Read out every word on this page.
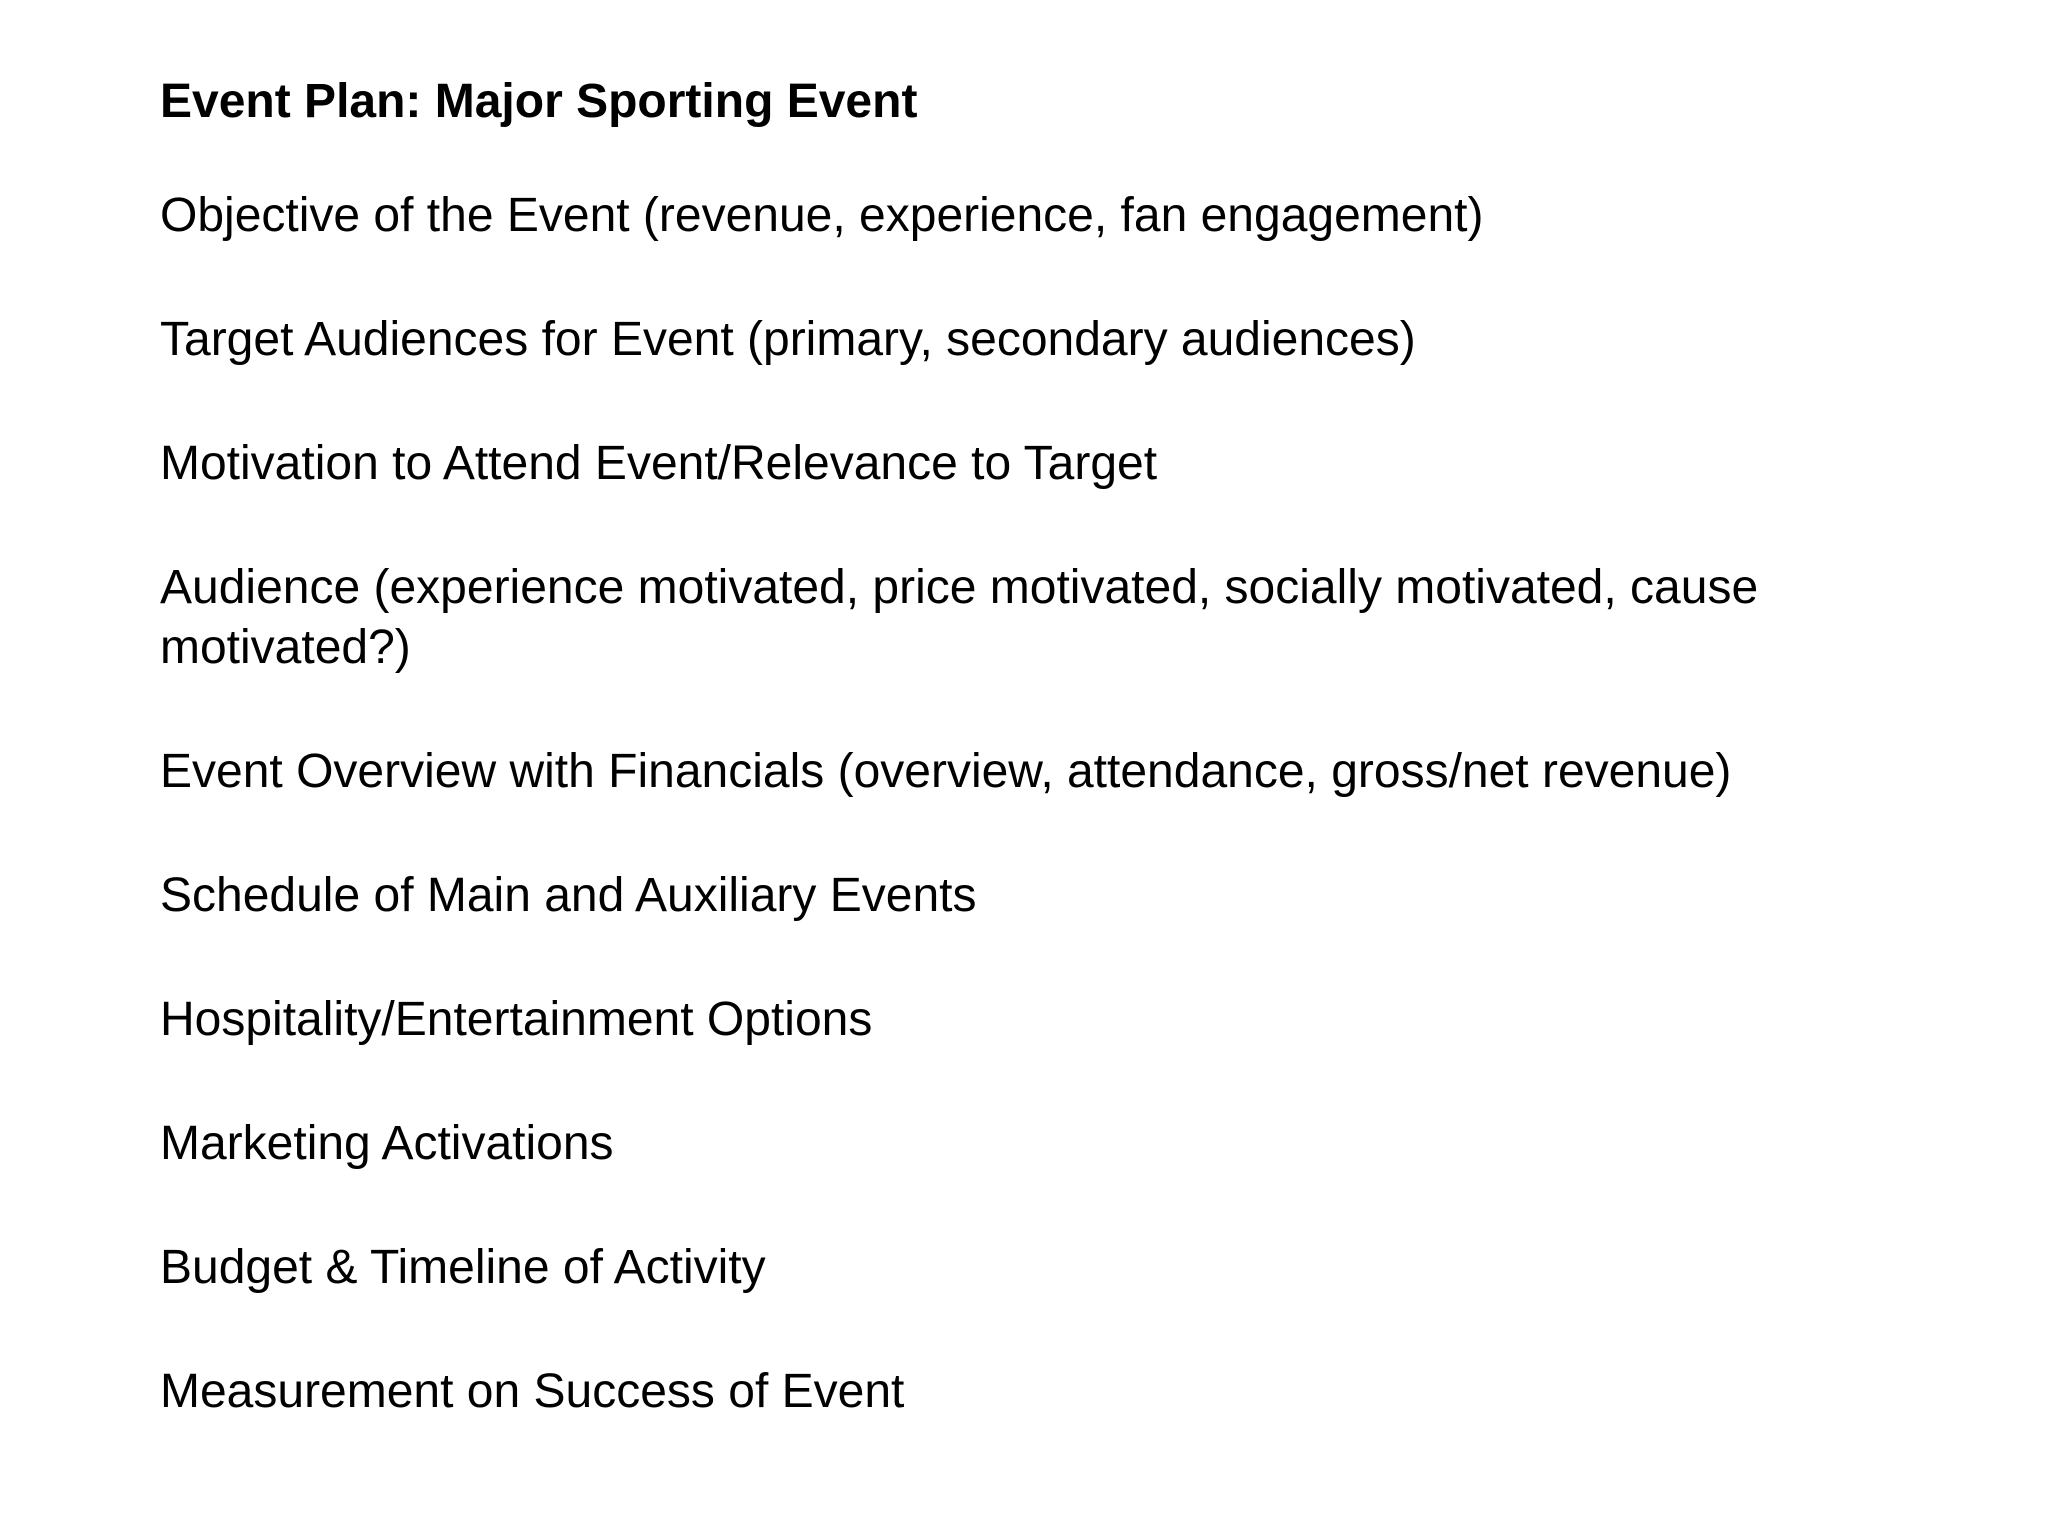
Event Plan: Major Sporting Event
Objective of the Event (revenue, experience, fan engagement)
Target Audiences for Event (primary, secondary audiences)
Motivation to Attend Event/Relevance to Target
Audience (experience motivated, price motivated, socially motivated, cause motivated?)
Event Overview with Financials (overview, attendance, gross/net revenue)
Schedule of Main and Auxiliary Events
Hospitality/Entertainment Options
Marketing Activations
Budget & Timeline of Activity
Measurement on Success of Event
